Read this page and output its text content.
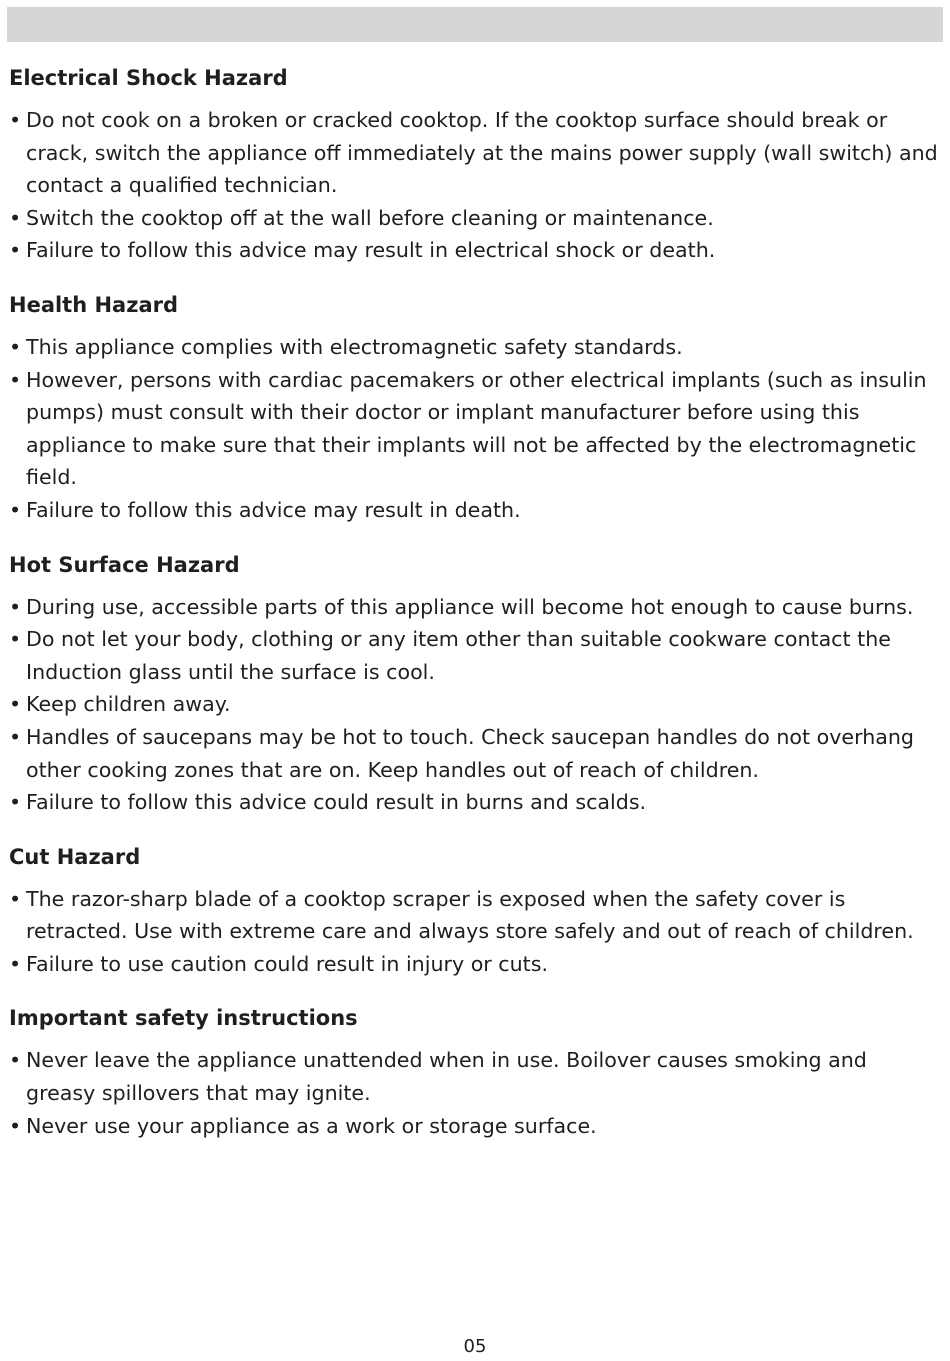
Electrical Shock Hazard
• Do not cook on a broken or cracked cooktop. If the cooktop surface should break or crack, switch the appliance off immediately at the mains power supply (wall switch) and contact a qualified technician.
• Switch the cooktop off at the wall before cleaning or maintenance.
• Failure to follow this advice may result in electrical shock or death.
Health Hazard
• This appliance complies with electromagnetic safety standards.
• However, persons with cardiac pacemakers or other electrical implants (such as insulin pumps) must consult with their doctor or implant manufacturer before using this appliance to make sure that their implants will not be affected by the electromagnetic field.
• Failure to follow this advice may result in death.
Hot Surface Hazard
• During use, accessible parts of this appliance will become hot enough to cause burns.
• Do not let your body, clothing or any item other than suitable cookware contact the Induction glass until the surface is cool.
• Keep children away.
• Handles of saucepans may be hot to touch. Check saucepan handles do not overhang other cooking zones that are on. Keep handles out of reach of children.
• Failure to follow this advice could result in burns and scalds.
Cut Hazard
• The razor-sharp blade of a cooktop scraper is exposed when the safety cover is retracted. Use with extreme care and always store safely and out of reach of children.
• Failure to use caution could result in injury or cuts.
Important safety instructions
• Never leave the appliance unattended when in use. Boilover causes smoking and greasy spillovers that may ignite.
• Never use your appliance as a work or storage surface.
05
